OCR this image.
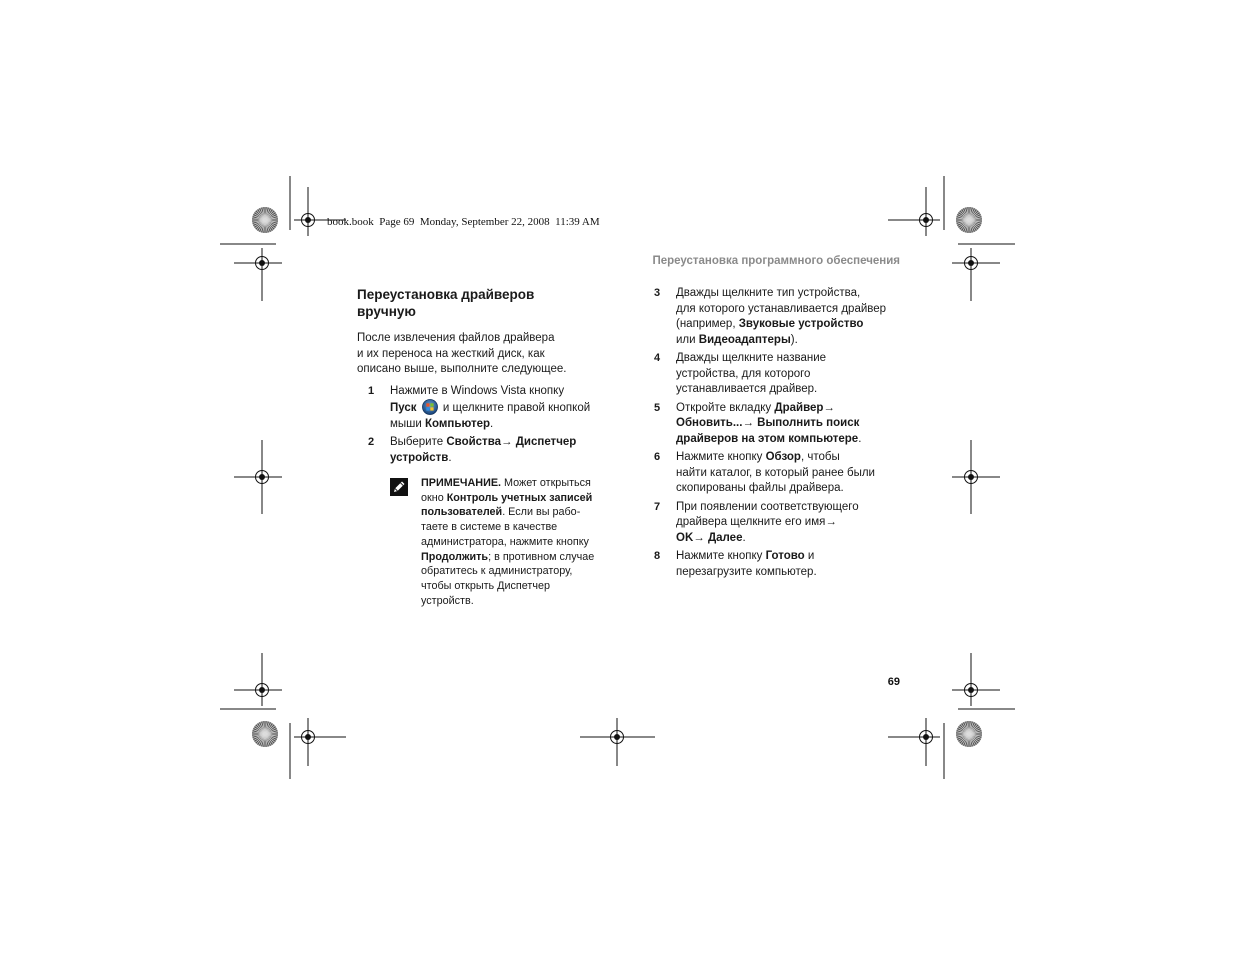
book.book  Page 69  Monday, September 22, 2008  11:39 AM
Переустановка программного обеспечения
69
Переустановка драйверов
вручную
После извлечения файлов драйвера
и их переноса на жесткий диск, как
описано выше, выполните следующее.
1 Нажмите в Windows Vista кнопку
Пуск  и щелкните правой кнопкой
мыши Компьютер.
2 Выберите Свойства→ Диспетчер
устройств.
ПРИМЕЧАНИЕ. Может открыться
окно Контроль учетных записей
пользователей. Если вы рабо-
таете в системе в качестве
администратора, нажмите кнопку
Продолжить; в противном случае
обратитесь к администратору,
чтобы открыть Диспетчер
устройств.
3 Дважды щелкните тип устройства,
для которого устанавливается драйвер
(например, Звуковые устройство
или Видеоадаптеры).
4 Дважды щелкните название
устройства, для которого
устанавливается драйвер.
5 Откройте вкладку Драйвер→
Обновить...→ Выполнить поиск
драйверов на этом компьютере.
6 Нажмите кнопку Обзор, чтобы
найти каталог, в который ранее были
скопированы файлы драйвера.
7 При появлении соответствующего
драйвера щелкните его имя→
OK→ Далее.
8 Нажмите кнопку Готово и
перезагрузите компьютер.
